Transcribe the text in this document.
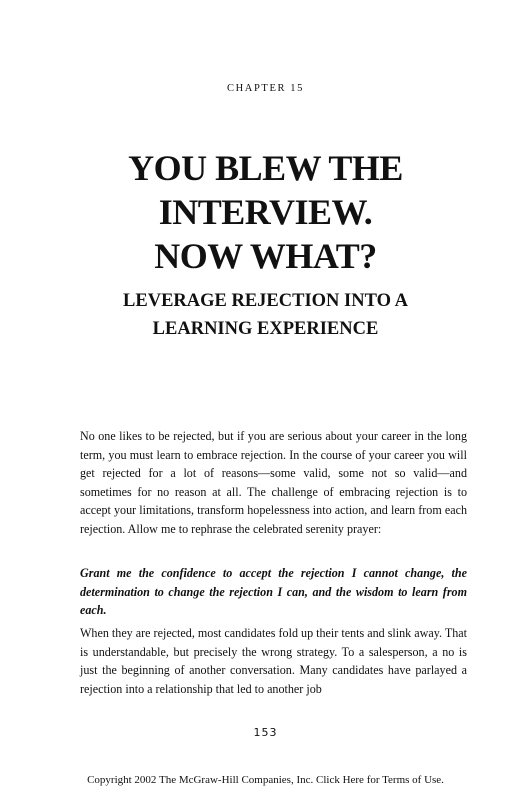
CHAPTER 15
YOU BLEW THE
INTERVIEW.
NOW WHAT?
LEVERAGE REJECTION INTO A
LEARNING EXPERIENCE

No one likes to be rejected, but if you are serious about your career in the long term, you must learn to embrace rejection. In the course of your career you will get rejected for a lot of reasons—some valid, some not so valid—and sometimes for no reason at all. The challenge of embracing rejection is to accept your limitations, transform hopelessness into action, and learn from each rejection. Allow me to rephrase the celebrated serenity prayer:

Grant me the confidence to accept the rejection I cannot change, the determination to change the rejection I can, and the wisdom to learn from each.

When they are rejected, most candidates fold up their tents and slink away. That is understandable, but precisely the wrong strategy. To a salesperson, a no is just the beginning of another conversation. Many candidates have parlayed a rejection into a relationship that led to another job

153
Copyright 2002 The McGraw-Hill Companies, Inc. Click Here for Terms of Use.
